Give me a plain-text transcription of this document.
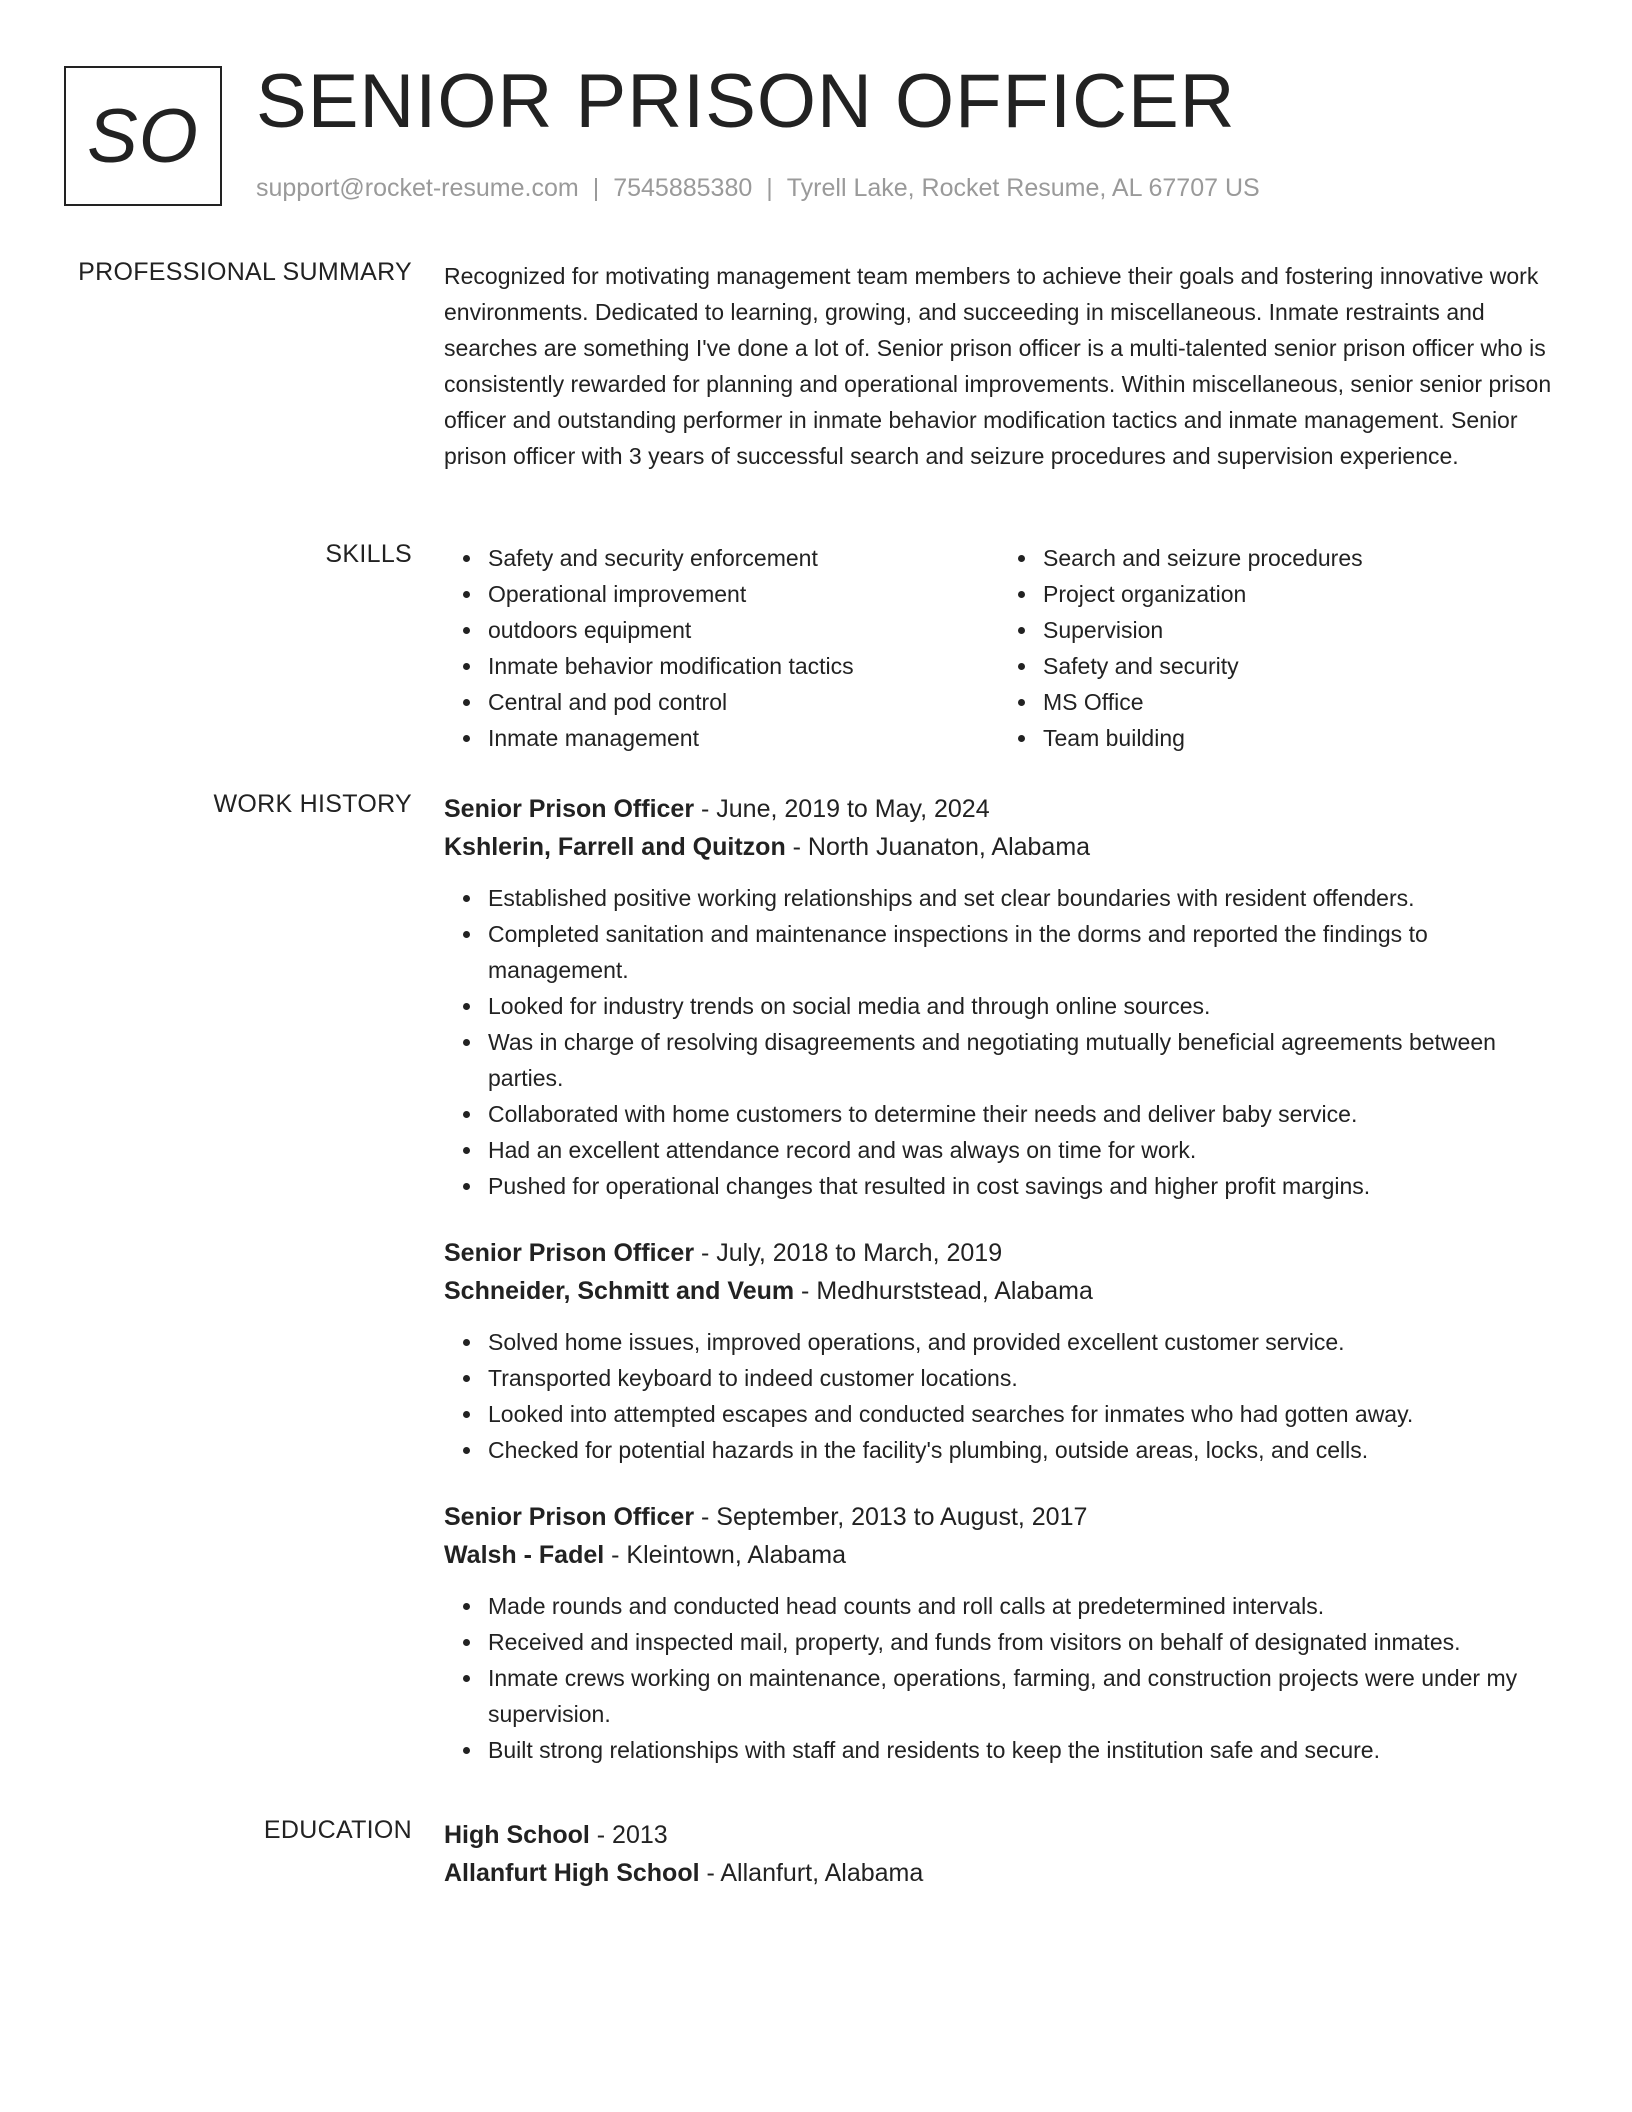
SO SENIOR PRISON OFFICER
support@rocket-resume.com | 7545885380 | Tyrell Lake, Rocket Resume, AL 67707 US
PROFESSIONAL SUMMARY Recognized for motivating management team members to achieve their goals and fostering innovative work environments. Dedicated to learning, growing, and succeeding in miscellaneous. Inmate restraints and searches are something I've done a lot of. Senior prison officer is a multi-talented senior prison officer who is consistently rewarded for planning and operational improvements. Within miscellaneous, senior senior prison officer and outstanding performer in inmate behavior modification tactics and inmate management. Senior prison officer with 3 years of successful search and seizure procedures and supervision experience.

SKILLS	Safety and security enforcement
Operational improvement
outdoors equipment
Inmate behavior modification tactics
Central and pod control
Inmate management
Search and seizure procedures
Project organization
Supervision
Safety and security
MS Office
Team building
WORK HISTORY Senior Prison Officer - June, 2019 to May, 2024
Kshlerin, Farrell and Quitzon - North Juanaton, Alabama
Established positive working relationships and set clear boundaries with resident offenders.
Completed sanitation and maintenance inspections in the dorms and reported the findings to management.
Looked for industry trends on social media and through online sources.
Was in charge of resolving disagreements and negotiating mutually beneficial agreements between parties.
Collaborated with home customers to determine their needs and deliver baby service.
Had an excellent attendance record and was always on time for work.
Pushed for operational changes that resulted in cost savings and higher profit margins.
Senior Prison Officer - July, 2018 to March, 2019
Schneider, Schmitt and Veum - Medhurststead, Alabama
Solved home issues, improved operations, and provided excellent customer service.
Transported keyboard to indeed customer locations.
Looked into attempted escapes and conducted searches for inmates who had gotten away.
Checked for potential hazards in the facility's plumbing, outside areas, locks, and cells.
Senior Prison Officer - September, 2013 to August, 2017
Walsh - Fadel - Kleintown, Alabama
Made rounds and conducted head counts and roll calls at predetermined intervals.
Received and inspected mail, property, and funds from visitors on behalf of designated inmates.
Inmate crews working on maintenance, operations, farming, and construction projects were under my supervision.
Built strong relationships with staff and residents to keep the institution safe and secure.
EDUCATION High School - 2013
Allanfurt High School - Allanfurt, Alabama
